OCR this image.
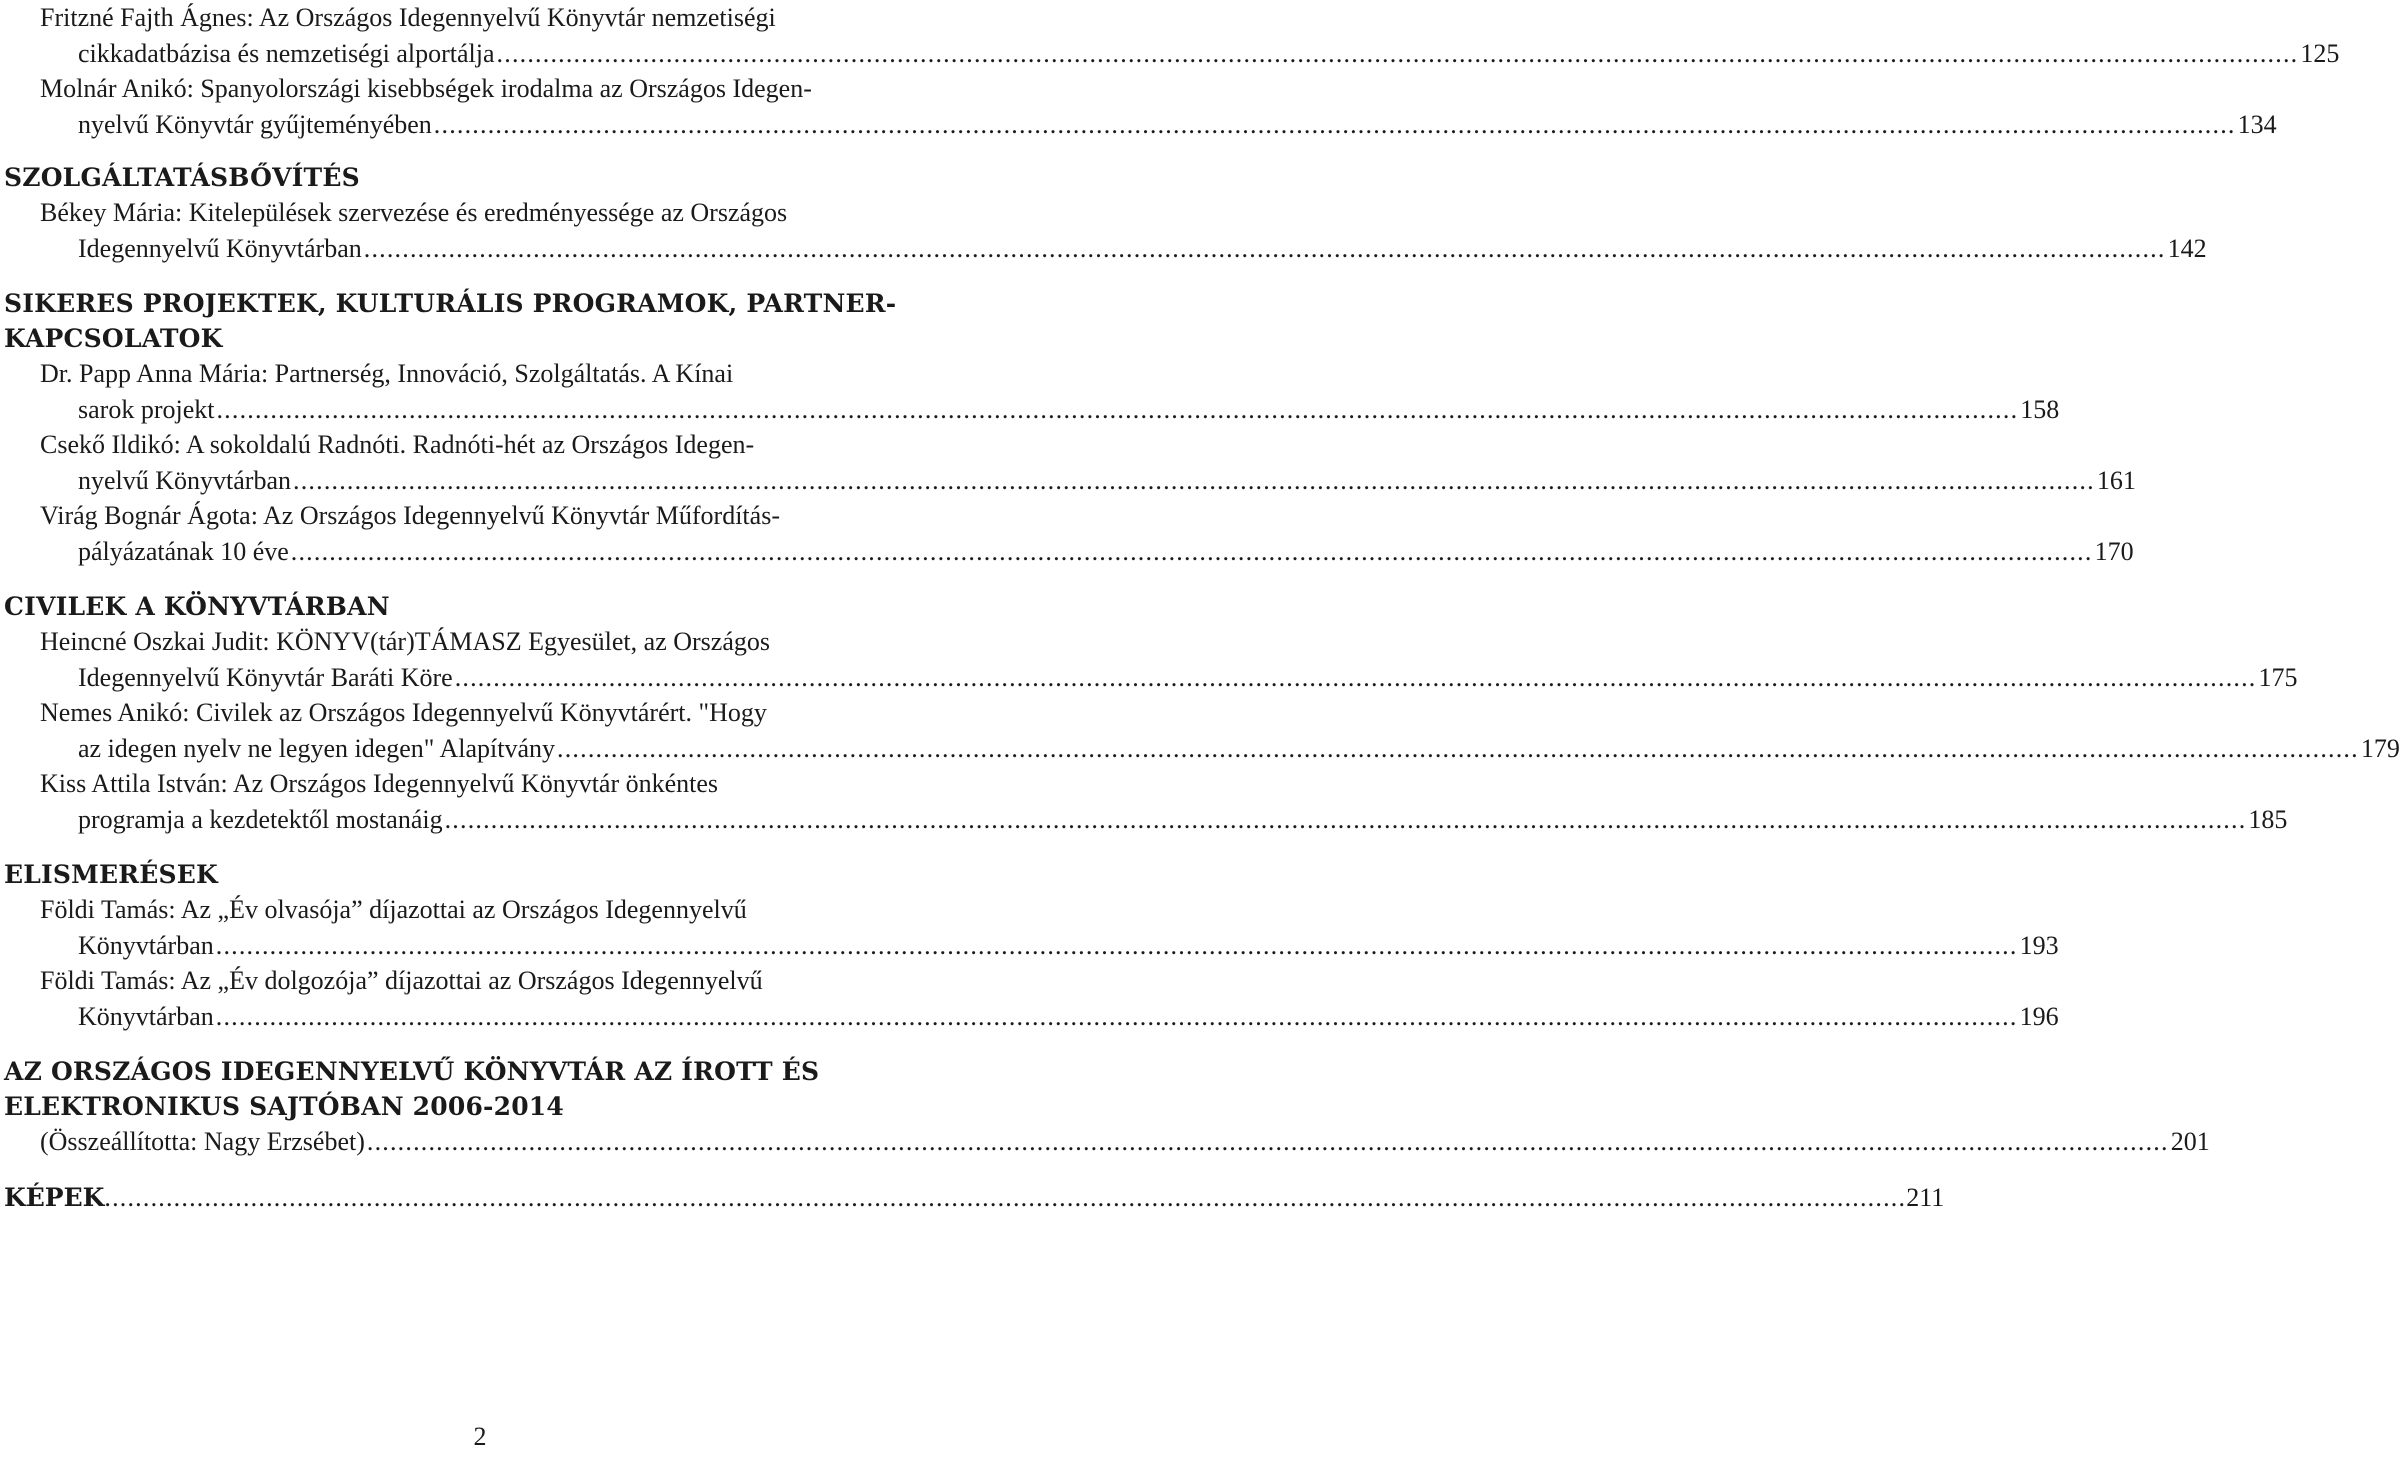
Fritzné Fajth Ágnes: Az Országos Idegennyelvű Könyvtár nemzetiségi
cikkadatbázisa és nemzetiségi alportálja .......................................................................................................................................................................................................................................... 125
Molnár Anikó: Spanyolországi kisebbségek irodalma az Országos Idegen-
nyelvű Könyvtár gyűjteményében .......................................................................................................................................................................................................................................... 134
SZOLGÁLTATÁSBŐVÍTÉS
Békey Mária: Kitelepülések szervezése és eredményessége az Országos
Idegennyelvű Könyvtárban .......................................................................................................................................................................................................................................... 142
SIKERES PROJEKTEK, KULTURÁLIS PROGRAMOK, PARTNER-
KAPCSOLATOK
Dr. Papp Anna Mária: Partnerség, Innováció, Szolgáltatás. A Kínai
sarok projekt .......................................................................................................................................................................................................................................... 158
Csekő Ildikó: A sokoldalú Radnóti. Radnóti-hét az Országos Idegen-
nyelvű Könyvtárban .......................................................................................................................................................................................................................................... 161
Virág Bognár Ágota: Az Országos Idegennyelvű Könyvtár Műfordítás-
pályázatának 10 éve .......................................................................................................................................................................................................................................... 170
CIVILEK A KÖNYVTÁRBAN
Heincné Oszkai Judit: KÖNYV(tár)TÁMASZ Egyesület, az Országos
Idegennyelvű Könyvtár Baráti Köre .......................................................................................................................................................................................................................................... 175
Nemes Anikó: Civilek az Országos Idegennyelvű Könyvtárért. "Hogy
az idegen nyelv ne legyen idegen" Alapítvány .......................................................................................................................................................................................................................................... 179
Kiss Attila István: Az Országos Idegennyelvű Könyvtár önkéntes
programja a kezdetektől mostanáig .......................................................................................................................................................................................................................................... 185
ELISMERÉSEK
Földi Tamás: Az „Év olvasója” díjazottai az Országos Idegennyelvű
Könyvtárban .......................................................................................................................................................................................................................................... 193
Földi Tamás: Az „Év dolgozója” díjazottai az Országos Idegennyelvű
Könyvtárban .......................................................................................................................................................................................................................................... 196
AZ ORSZÁGOS IDEGENNYELVŰ KÖNYVTÁR AZ ÍROTT ÉS
ELEKTRONIKUS SAJTÓBAN 2006-2014
(Összeállította: Nagy Erzsébet) .......................................................................................................................................................................................................................................... 201
KÉPEK .......................................................................................................................................................................................................................................... 211
2
